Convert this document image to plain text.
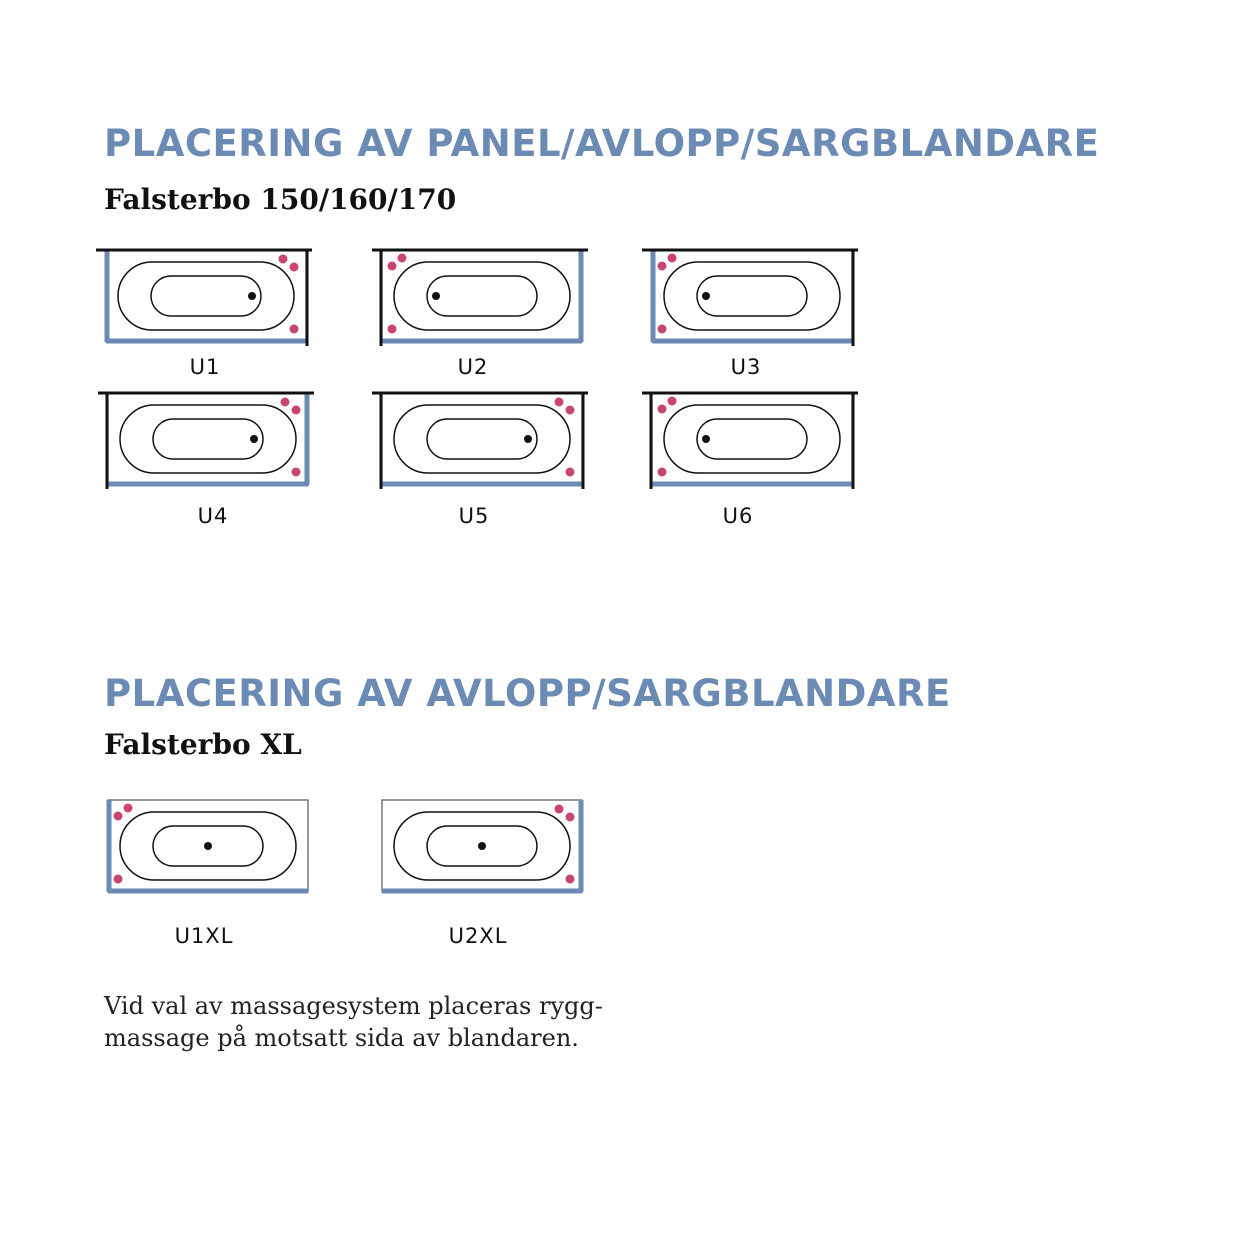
PLACERING AV PANEL/AVLOPP/SARGBLANDARE
Falsterbo 150/160/170
U1	U2	U3
U4	U5	U6
PLACERING AV AVLOPP/SARGBLANDARE
Falsterbo XL
U1XL	U2XL

Vid val av massagesystem placeras rygg-massage på motsatt sida av blandaren.
